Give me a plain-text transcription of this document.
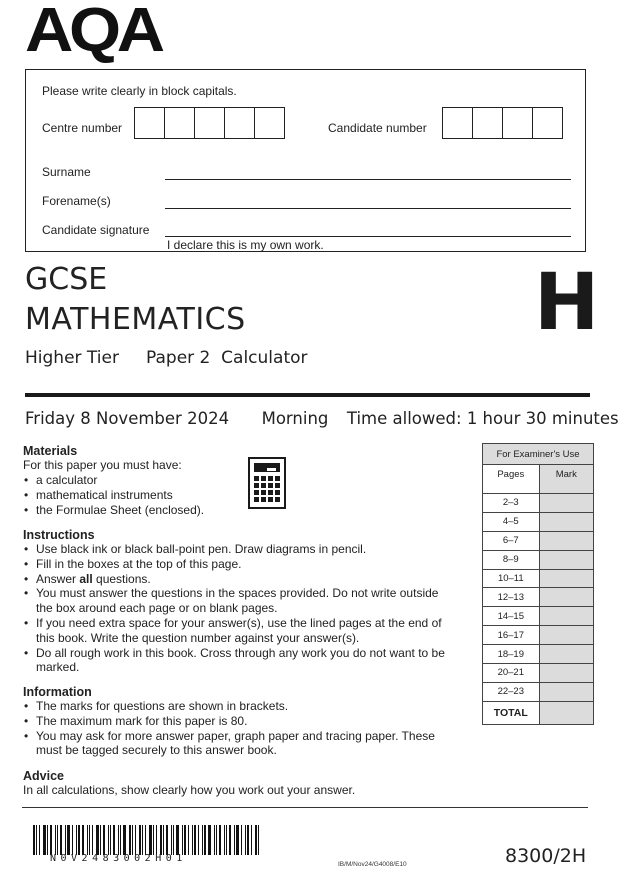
AQA
Please write clearly in block capitals.
Centre number	Candidate number
Surname
Forename(s)
Candidate signature
I declare this is my own work.
GCSE
MATHEMATICS
Higher Tier Paper 2  Calculator
H
Friday 8 November 2024 Morning Time allowed: 1 hour 30 minutes
Materials

For this paper you must have:

• a calculator
• mathematical instruments
• the Formulae Sheet (enclosed).
Instructions
• Use black ink or black ball-point pen. Draw diagrams in pencil.
• Fill in the boxes at the top of this page.
• Answer all questions.
• You must answer the questions in the spaces provided. Do not write outside the box around each page or on blank pages.
• If you need extra space for your answer(s), use the lined pages at the end of this book. Write the question number against your answer(s).
• Do all rough work in this book. Cross through any work you do not want to be marked.
Information
• The marks for questions are shown in brackets.
• The maximum mark for this paper is 80.
• You may ask for more answer paper, graph paper and tracing paper. These must be tagged securely to this answer book.
Advice

In all calculations, show clearly how you work out your answer.

For Examiner's Use	
Pages	Mark
2–3	
4–5	
6–7	
8–9	
10–11	
12–13	
14–15	
16–17	
18–19	
20–21	
22–23	
TOTAL	
N0V2483002H01
IB/M/Nov24/G4008/E10	8300/2H
